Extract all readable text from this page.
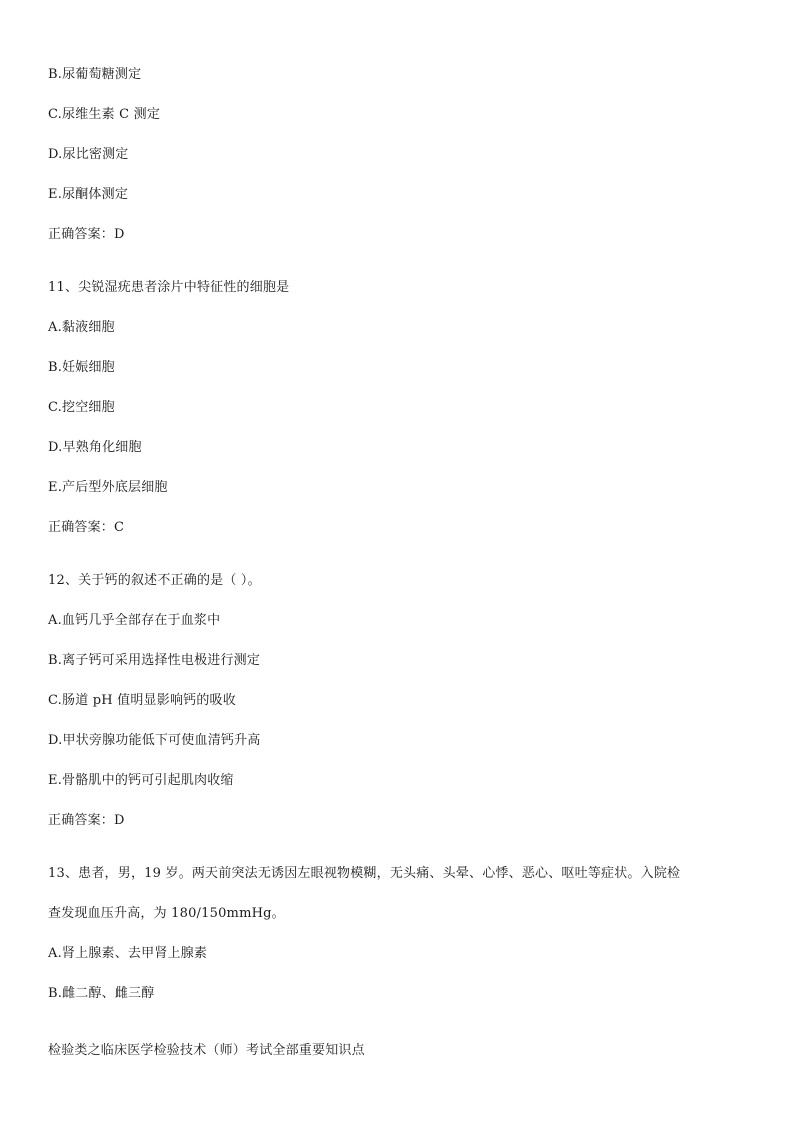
B.尿葡萄糖测定
C.尿维生素 C 测定
D.尿比密测定
E.尿酮体测定
正确答案：D
11、尖锐湿疣患者涂片中特征性的细胞是
A.黏液细胞
B.妊娠细胞
C.挖空细胞
D.早熟角化细胞
E.产后型外底层细胞
正确答案：C
12、关于钙的叙述不正确的是（ ）。
A.血钙几乎全部存在于血浆中
B.离子钙可采用选择性电极进行测定
C.肠道 pH 值明显影响钙的吸收
D.甲状旁腺功能低下可使血清钙升高
E.骨骼肌中的钙可引起肌肉收缩
正确答案：D
13、患者，男，19 岁。两天前突法无诱因左眼视物模糊，无头痛、头晕、心悸、恶心、呕吐等症状。入院检
查发现血压升高，为 180/150mmHg。
A.肾上腺素、去甲肾上腺素
B.雌二醇、雌三醇
检验类之临床医学检验技术（师）考试全部重要知识点
